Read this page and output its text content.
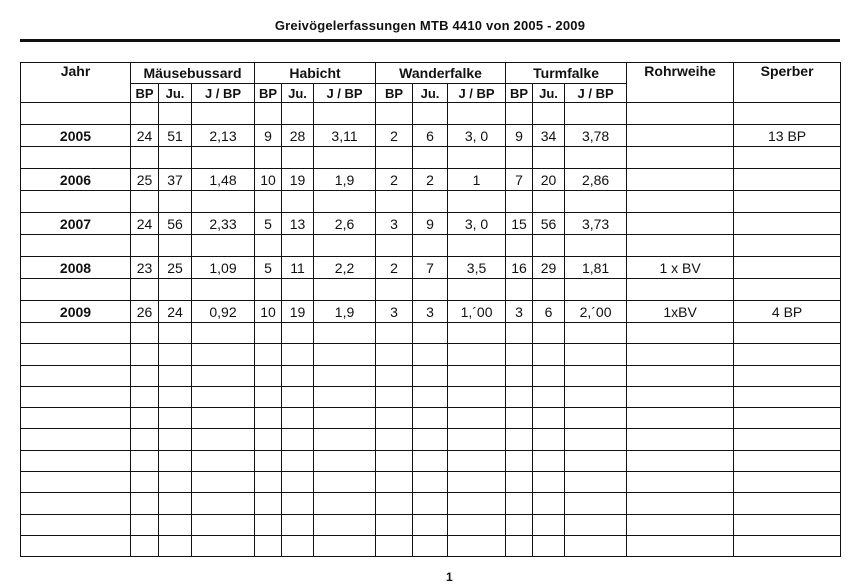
Greivögelerfassungen MTB 4410 von 2005 - 2009
Jahr	Mäusebussard			Habicht			Wanderfalke			Turmfalke			Rohrweihe	Sperber
	BP	Ju.	J / BP	BP	Ju.	J / BP	BP	Ju.	J / BP	BP	Ju.	J / BP		

2005	24	51	2,13	9	28	3,11	2	6	3, 0	9	34	3,78		13 BP

2006	25	37	1,48	10	19	1,9	2	2	1	7	20	2,86		

2007	24	56	2,33	5	13	2,6	3	9	3, 0	15	56	3,73		

2008	23	25	1,09	5	11	2,2	2	7	3,5	16	29	1,81	1 x BV	

2009	26	24	0,92	10	19	1,9	3	3	1,´00	3	6	2,´00	1xBV	4 BP

1
